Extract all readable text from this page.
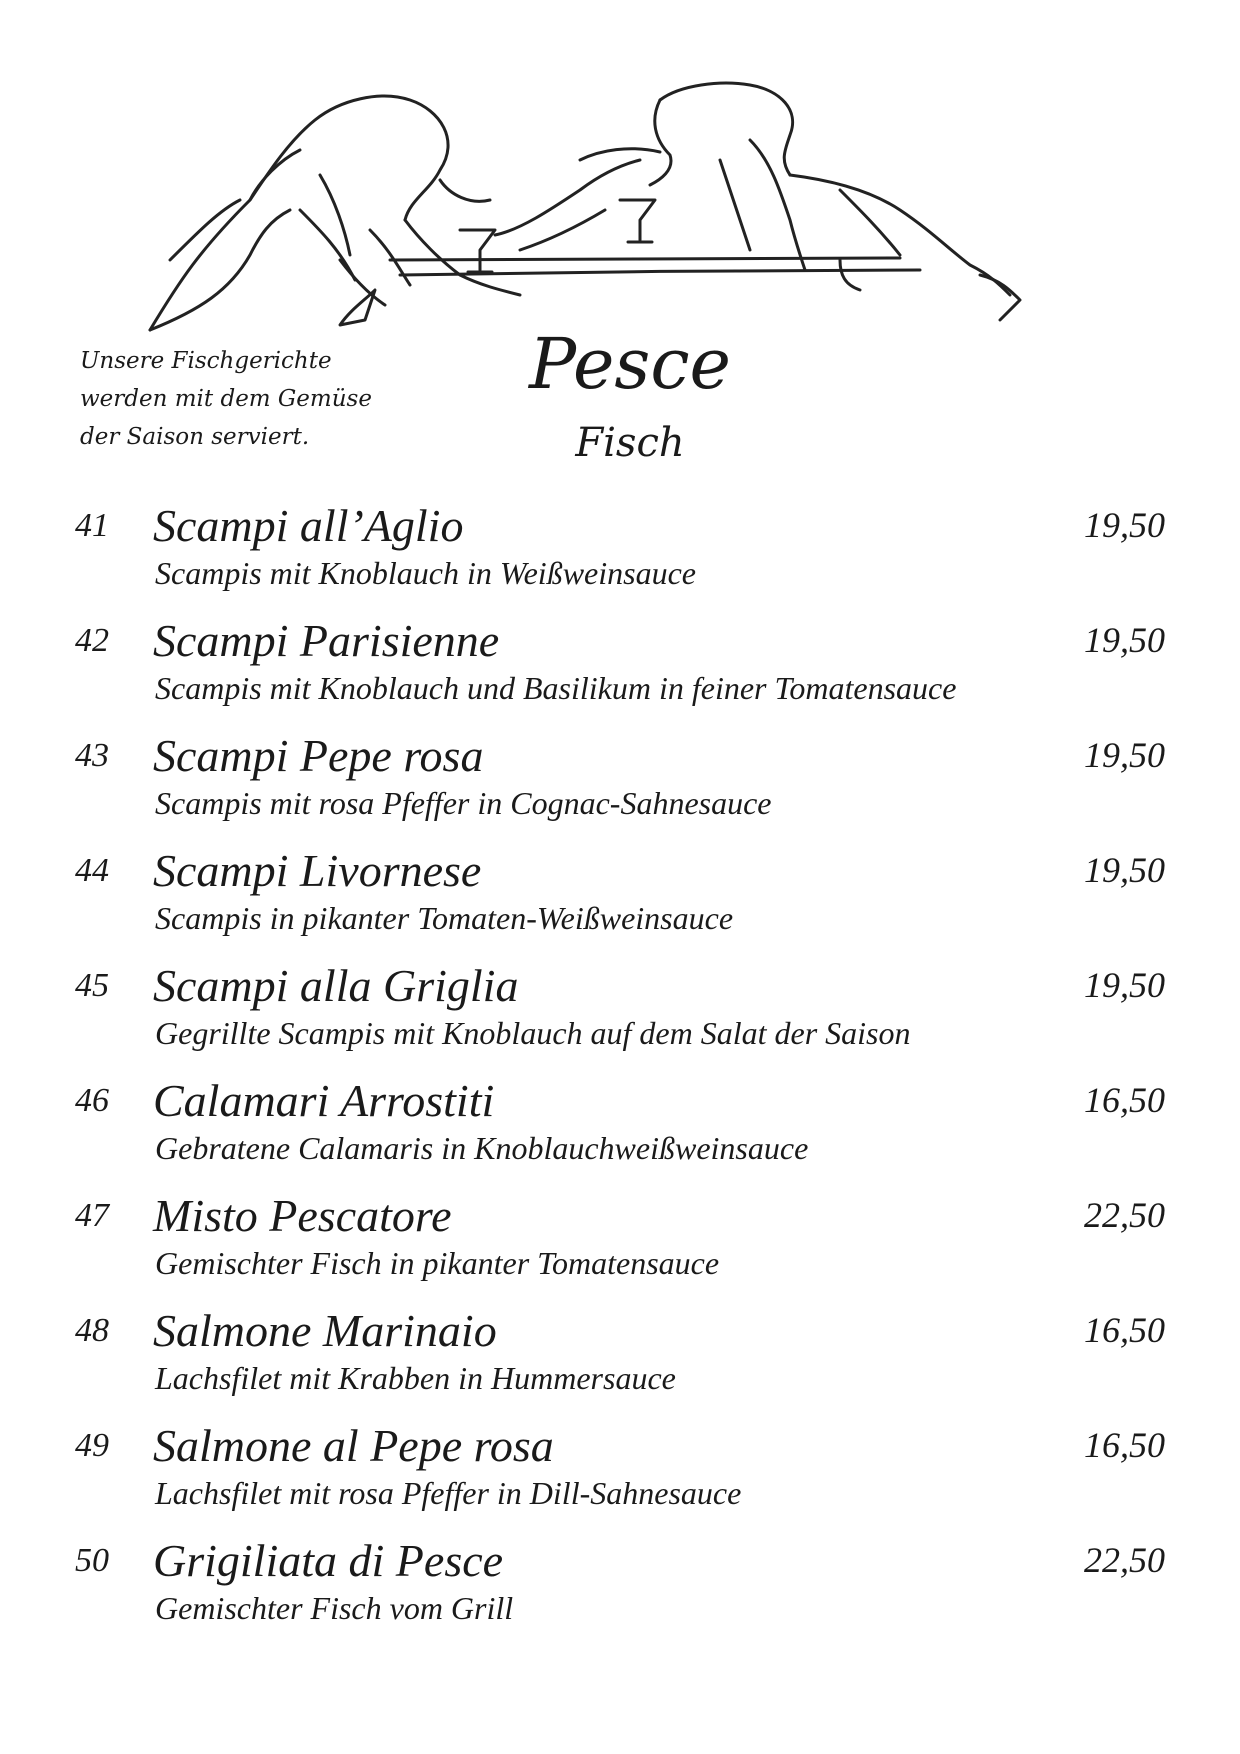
Unsere Fischgerichte
werden mit dem Gemüse
der Saison serviert.
Pesce
Fisch
41 Scampi all’Aglio
Scampis mit Knoblauch in Weißweinsauce
19,50
42 Scampi Parisienne
Scampis mit Knoblauch und Basilikum in feiner Tomatensauce
19,50
43 Scampi Pepe rosa
Scampis mit rosa Pfeffer in Cognac-Sahnesauce
19,50
44 Scampi Livornese
Scampis in pikanter Tomaten-Weißweinsauce
19,50
45 Scampi alla Griglia
Gegrillte Scampis mit Knoblauch auf dem Salat der Saison
19,50
46 Calamari Arrostiti
Gebratene Calamaris in Knoblauchweißweinsauce
16,50
47 Misto Pescatore
Gemischter Fisch in pikanter Tomatensauce
22,50
48 Salmone Marinaio
Lachsfilet mit Krabben in Hummersauce
16,50
49 Salmone al Pepe rosa
Lachsfilet mit rosa Pfeffer in Dill-Sahnesauce
16,50
50 Grigiliata di Pesce
Gemischter Fisch vom Grill
22,50
